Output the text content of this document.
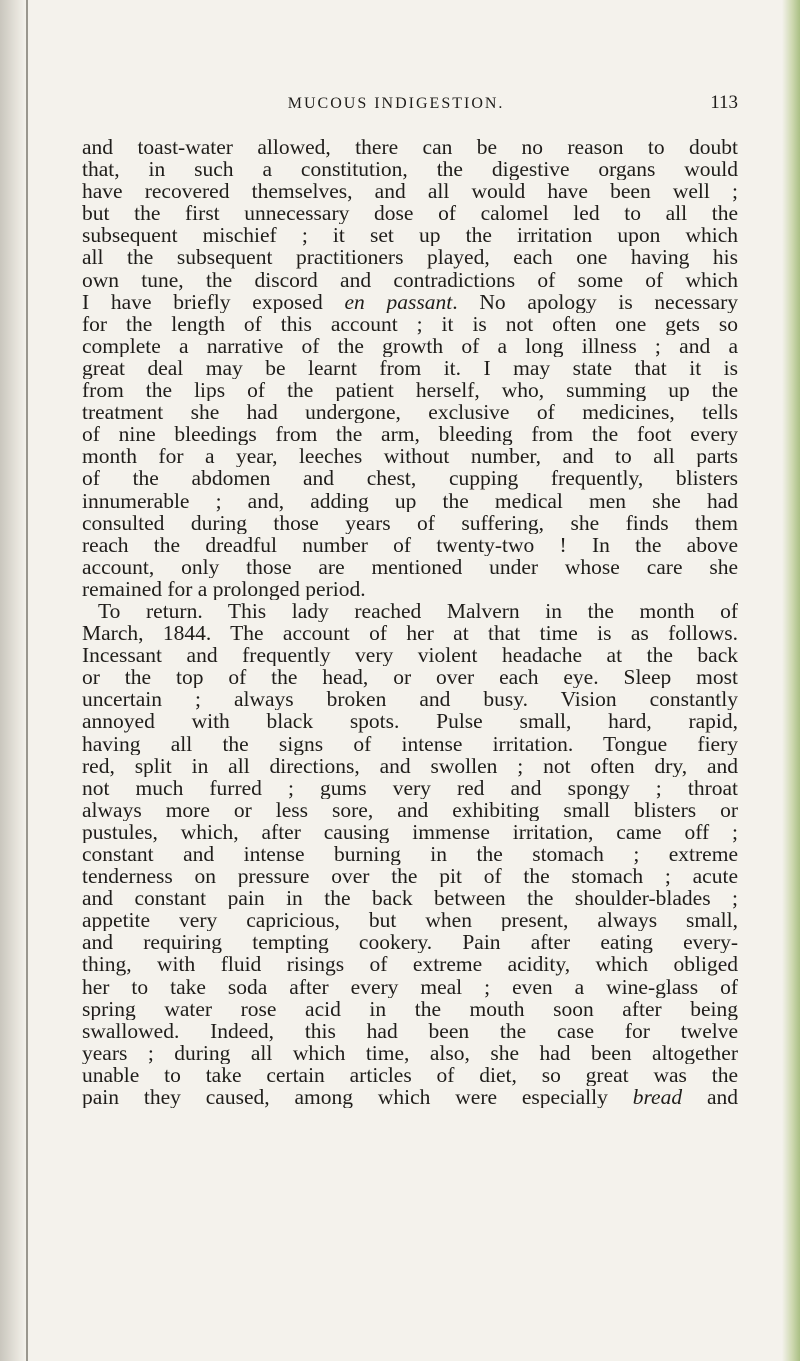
MUCOUS INDIGESTION.	113
and toast-water allowed, there can be no reason to doubt
that, in such a constitution, the digestive organs would
have recovered themselves, and all would have been well ;
but the first unnecessary dose of calomel led to all the
subsequent mischief ; it set up the irritation upon which
all the subsequent practitioners played, each one having his
own tune, the discord and contradictions of some of which
I have briefly exposed en passant. No apology is necessary
for the length of this account ; it is not often one gets so
complete a narrative of the growth of a long illness ; and a
great deal may be learnt from it. I may state that it is
from the lips of the patient herself, who, summing up the
treatment she had undergone, exclusive of medicines, tells
of nine bleedings from the arm, bleeding from the foot every
month for a year, leeches without number, and to all parts
of the abdomen and chest, cupping frequently, blisters
innumerable ; and, adding up the medical men she had
consulted during those years of suffering, she finds them
reach the dreadful number of twenty-two ! In the above
account, only those are mentioned under whose care she
remained for a prolonged period.
To return. This lady reached Malvern in the month of
March, 1844. The account of her at that time is as follows.
Incessant and frequently very violent headache at the back
or the top of the head, or over each eye. Sleep most
uncertain ; always broken and busy. Vision constantly
annoyed with black spots. Pulse small, hard, rapid,
having all the signs of intense irritation. Tongue fiery
red, split in all directions, and swollen ; not often dry, and
not much furred ; gums very red and spongy ; throat
always more or less sore, and exhibiting small blisters or
pustules, which, after causing immense irritation, came off ;
constant and intense burning in the stomach ; extreme
tenderness on pressure over the pit of the stomach ; acute
and constant pain in the back between the shoulder-blades ;
appetite very capricious, but when present, always small,
and requiring tempting cookery. Pain after eating every-
thing, with fluid risings of extreme acidity, which obliged
her to take soda after every meal ; even a wine-glass of
spring water rose acid in the mouth soon after being
swallowed. Indeed, this had been the case for twelve
years ; during all which time, also, she had been altogether
unable to take certain articles of diet, so great was the
pain they caused, among which were especially bread and
